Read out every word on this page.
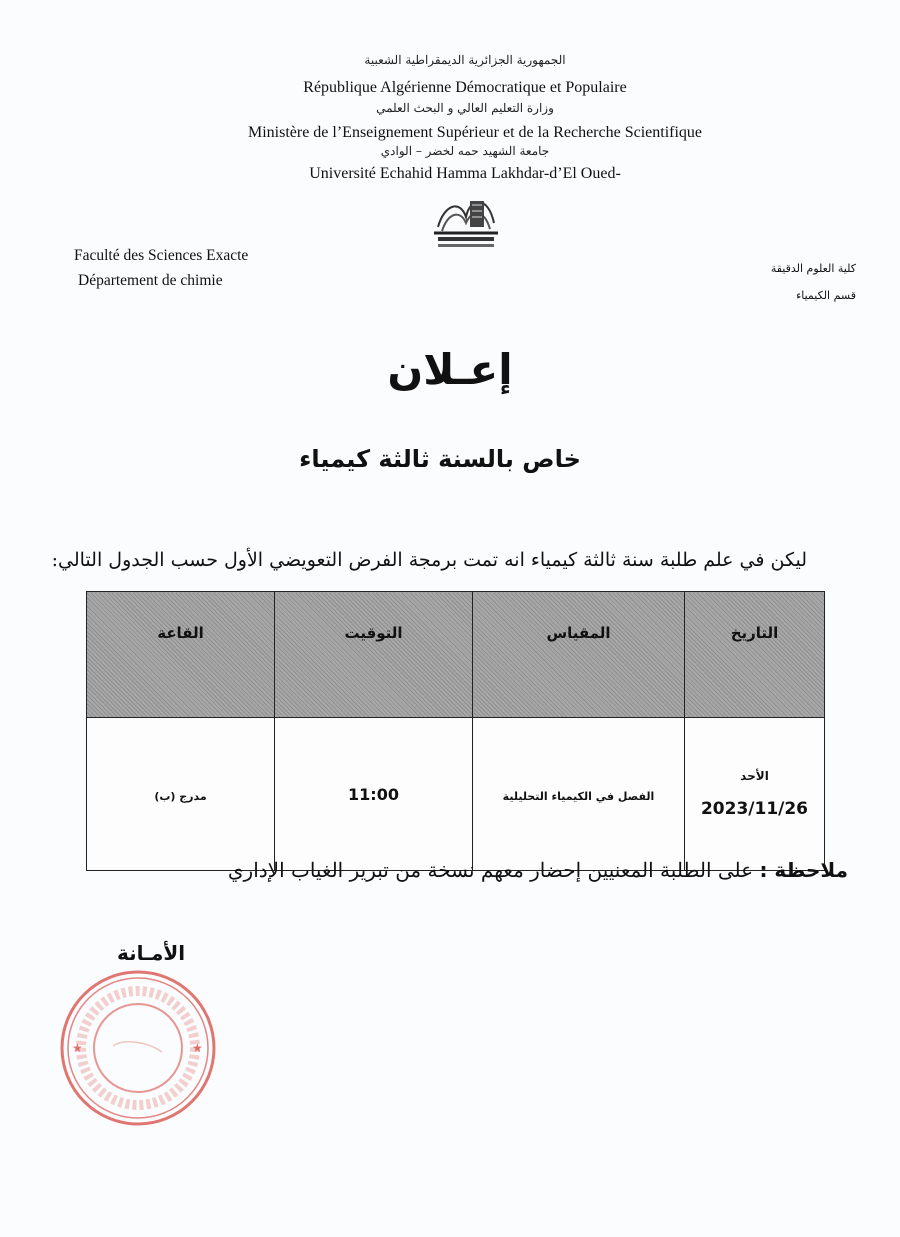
الجمهورية الجزائرية الديمقراطية الشعبية
République Algérienne Démocratique et Populaire
وزارة التعليم العالي و البحث العلمي
Ministère de l’Enseignement Supérieur et de la Recherche Scientifique
جامعة الشهيد حمه لخضر – الوادي
Université Echahid Hamma Lakhdar-d’El Oued-
Faculté des Sciences Exacte
Département de chimie
كلية العلوم الدقيقة
قسم الكيمياء
إعـلان
خاص بالسنة ثالثة كيمياء
ليكن في علم طلبة سنة ثالثة كيمياء انه تمت برمجة الفرض التعويضي الأول حسب الجدول التالي:
التاريخ	المقياس	التوقيت	القاعة

الأحد
2023/11/26	الفصل في الكيمياء التحليلية	11:00	مدرج (ب)
ملاحظة : على الطلبة المعنيين إحضار معهم نسخة من تبرير الغياب الإداري
الأمـانة
★	★
